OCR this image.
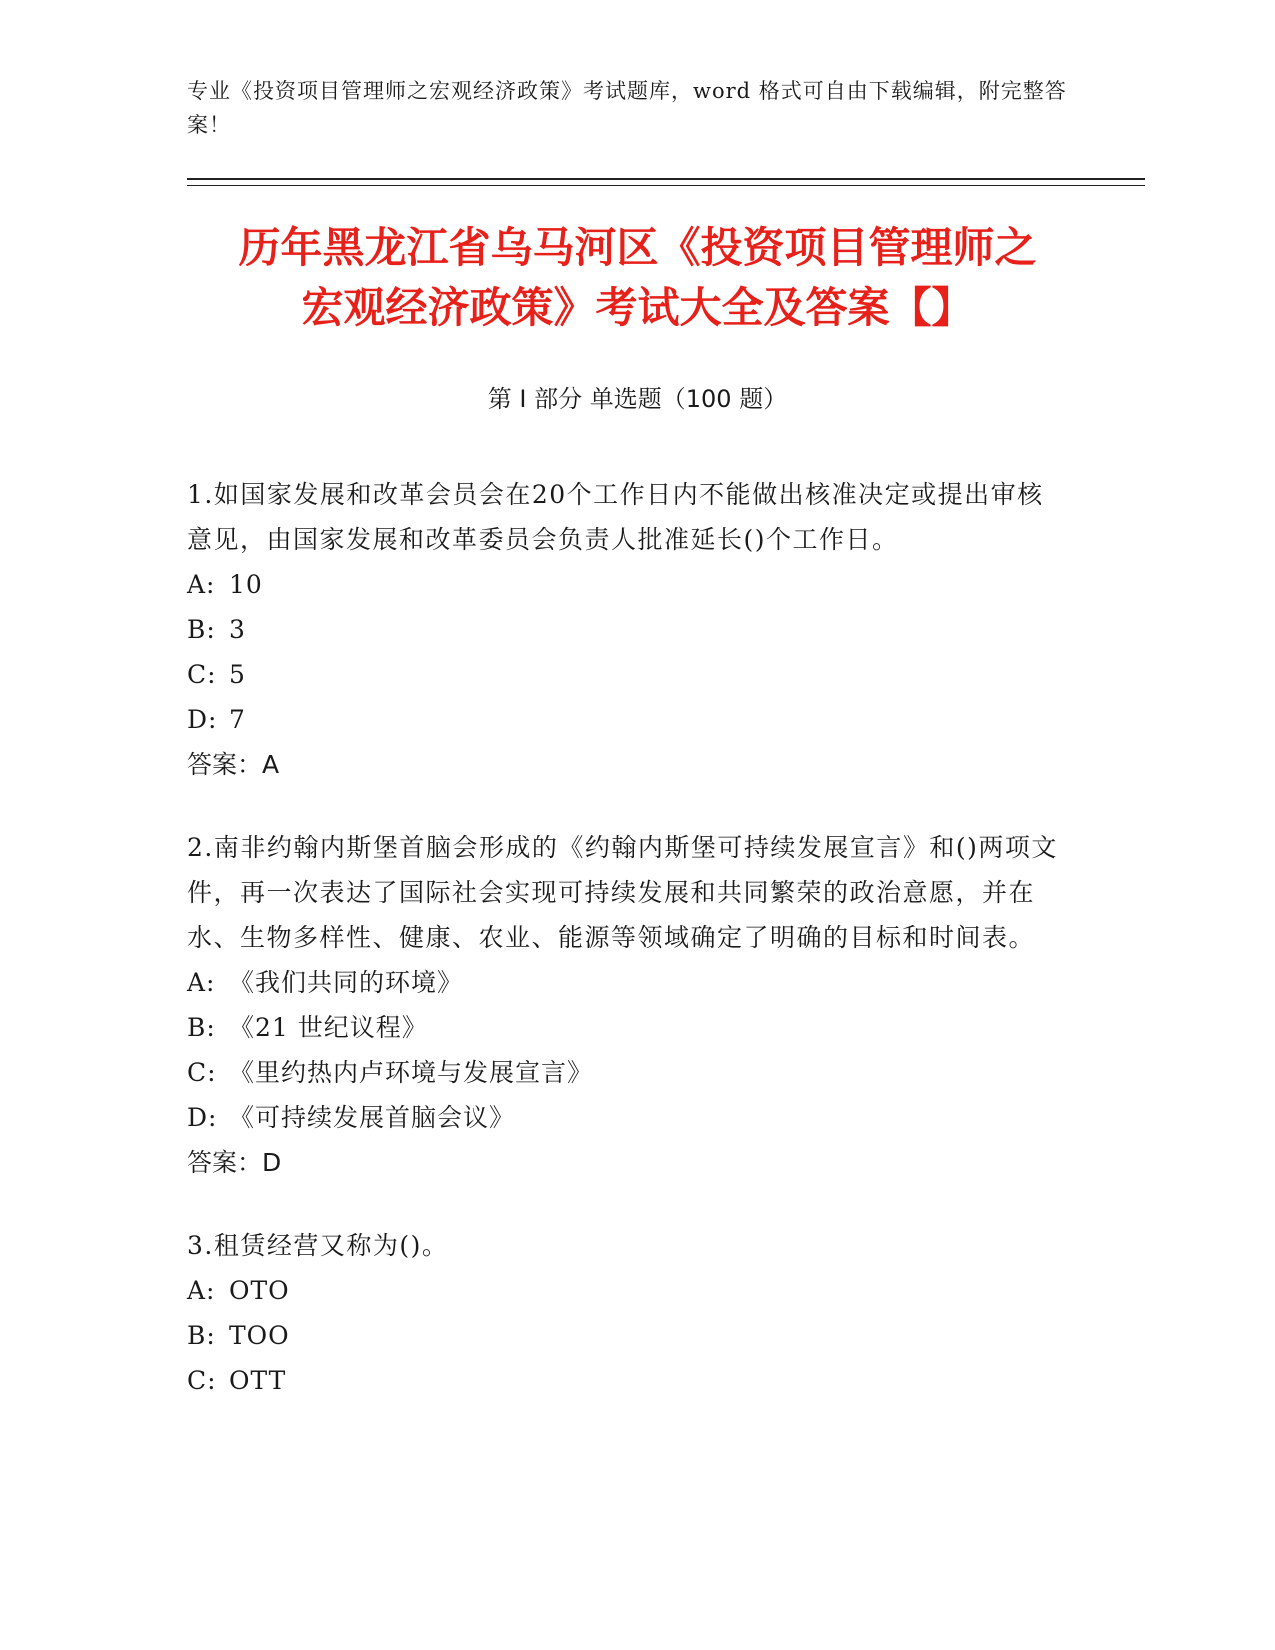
专业《投资项目管理师之宏观经济政策》考试题库，word 格式可自由下载编辑，附完整答案！
历年黑龙江省乌马河区《投资项目管理师之
宏观经济政策》考试大全及答案【】
第 I 部分 单选题（100 题）
1.如国家发展和改革会员会在20个工作日内不能做出核准决定或提出审核意见，由国家发展和改革委员会负责人批准延长()个工作日。
A: 10
B: 3
C: 5
D: 7
答案：A
2.南非约翰内斯堡首脑会形成的《约翰内斯堡可持续发展宣言》和()两项文件，再一次表达了国际社会实现可持续发展和共同繁荣的政治意愿，并在水、生物多样性、健康、农业、能源等领域确定了明确的目标和时间表。
A: 《我们共同的环境》
B: 《21 世纪议程》
C: 《里约热内卢环境与发展宣言》
D: 《可持续发展首脑会议》
答案：D
3.租赁经营又称为()。
A: OTO
B: TOO
C: OTT
